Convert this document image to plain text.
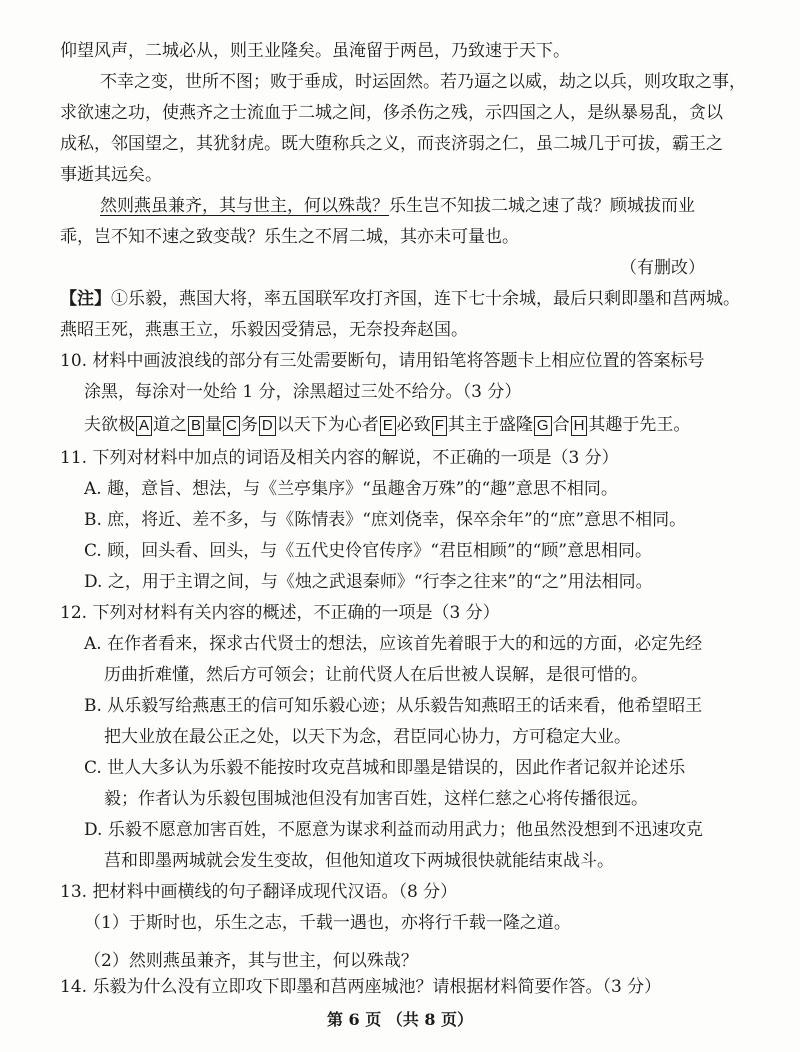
仰望风声，二城必从，则王业隆矣。虽淹留于两邑，乃致速于天下。
不幸之变，世所不图；败于垂成，时运固然。若乃逼之以威，劫之以兵，则攻取之事，
求欲速之功，使燕齐之士流血于二城之间，侈杀伤之残，示四国之人，是纵暴易乱，贪以
成私，邻国望之，其犹豺虎。既大堕称兵之义，而丧济弱之仁，虽二城几于可拔，霸王之
事逝其远矣。
然则燕虽兼齐，其与世主，何以殊哉？乐生岂不知拔二城之速了哉？顾城拔而业
乖，岂不知不速之致变哉？乐生之不屑二城，其亦未可量也。
（有删改）
【注】①乐毅，燕国大将，率五国联军攻打齐国，连下七十余城，最后只剩即墨和莒两城。
燕昭王死，燕惠王立，乐毅因受猜忌，无奈投奔赵国。
10. 材料中画波浪线的部分有三处需要断句，请用铅笔将答题卡上相应位置的答案标号
涂黑，每涂对一处给 1 分，涂黑超过三处不给分。（3 分）
夫欲极 A 道之 B 量 C 务 D 以天下为心者 E 必致 F 其主于盛隆 G 合 H 其趣于先王。
11. 下列对材料中加点的词语及相关内容的解说，不正确的一项是（3 分）
A. 趣，意旨、想法，与《兰亭集序》“虽趣舍万殊”的“趣”意思不相同。
B. 庶，将近、差不多，与《陈情表》“庶刘侥幸，保卒余年”的“庶”意思不相同。
C. 顾，回头看、回头，与《五代史伶官传序》“君臣相顾”的“顾”意思相同。
D. 之，用于主谓之间，与《烛之武退秦师》“行李之往来”的“之”用法相同。
12. 下列对材料有关内容的概述，不正确的一项是（3 分）
A. 在作者看来，探求古代贤士的想法，应该首先着眼于大的和远的方面，必定先经
历曲折难懂，然后方可领会；让前代贤人在后世被人误解，是很可惜的。
B. 从乐毅写给燕惠王的信可知乐毅心迹；从乐毅告知燕昭王的话来看，他希望昭王
把大业放在最公正之处，以天下为念，君臣同心协力，方可稳定大业。
C. 世人大多认为乐毅不能按时攻克莒城和即墨是错误的，因此作者记叙并论述乐
毅；作者认为乐毅包围城池但没有加害百姓，这样仁慈之心将传播很远。
D. 乐毅不愿意加害百姓，不愿意为谋求利益而动用武力；他虽然没想到不迅速攻克
莒和即墨两城就会发生变故，但他知道攻下两城很快就能结束战斗。
13. 把材料中画横线的句子翻译成现代汉语。（8 分）
（1）于斯时也，乐生之志，千载一遇也，亦将行千载一隆之道。
（2）然则燕虽兼齐，其与世主，何以殊哉？
14. 乐毅为什么没有立即攻下即墨和莒两座城池？请根据材料简要作答。（3 分）
第 6 页 （共 8 页）
